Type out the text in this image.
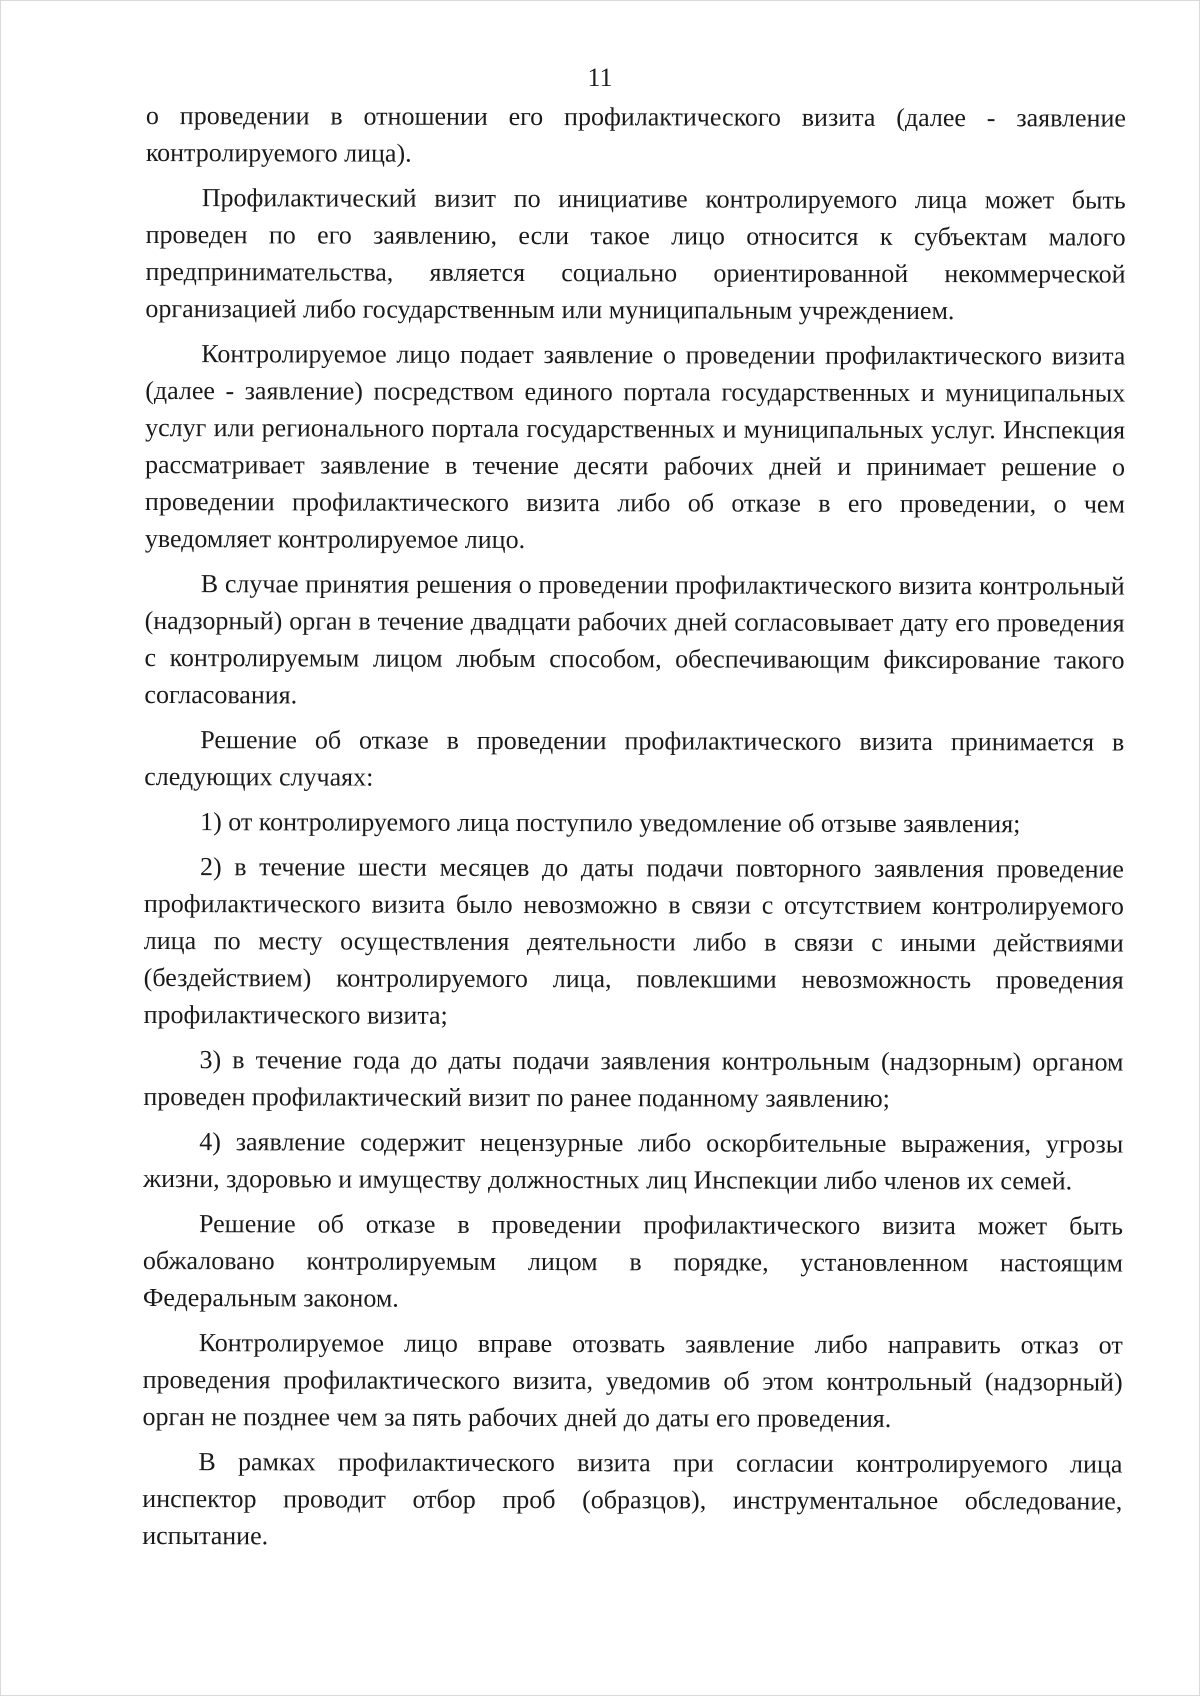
11

о проведении в отношении его профилактического визита (далее - заявление контролируемого лица).

Профилактический визит по инициативе контролируемого лица может быть проведен по его заявлению, если такое лицо относится к субъектам малого предпринимательства, является социально ориентированной некоммерческой организацией либо государственным или муниципальным учреждением.

Контролируемое лицо подает заявление о проведении профилактического визита (далее - заявление) посредством единого портала государственных и муниципальных услуг или регионального портала государственных и муниципальных услуг. Инспекция рассматривает заявление в течение десяти рабочих дней и принимает решение о проведении профилактического визита либо об отказе в его проведении, о чем уведомляет контролируемое лицо.

В случае принятия решения о проведении профилактического визита контрольный (надзорный) орган в течение двадцати рабочих дней согласовывает дату его проведения с контролируемым лицом любым способом, обеспечивающим фиксирование такого согласования.

Решение об отказе в проведении профилактического визита принимается в следующих случаях:

1) от контролируемого лица поступило уведомление об отзыве заявления;

2) в течение шести месяцев до даты подачи повторного заявления проведение профилактического визита было невозможно в связи с отсутствием контролируемого лица по месту осуществления деятельности либо в связи с иными действиями (бездействием) контролируемого лица, повлекшими невозможность проведения профилактического визита;

3) в течение года до даты подачи заявления контрольным (надзорным) органом проведен профилактический визит по ранее поданному заявлению;

4) заявление содержит нецензурные либо оскорбительные выражения, угрозы жизни, здоровью и имуществу должностных лиц Инспекции либо членов их семей.

Решение об отказе в проведении профилактического визита может быть обжаловано контролируемым лицом в порядке, установленном настоящим Федеральным законом.

Контролируемое лицо вправе отозвать заявление либо направить отказ от проведения профилактического визита, уведомив об этом контрольный (надзорный) орган не позднее чем за пять рабочих дней до даты его проведения.

В рамках профилактического визита при согласии контролируемого лица инспектор проводит отбор проб (образцов), инструментальное обследование, испытание.
